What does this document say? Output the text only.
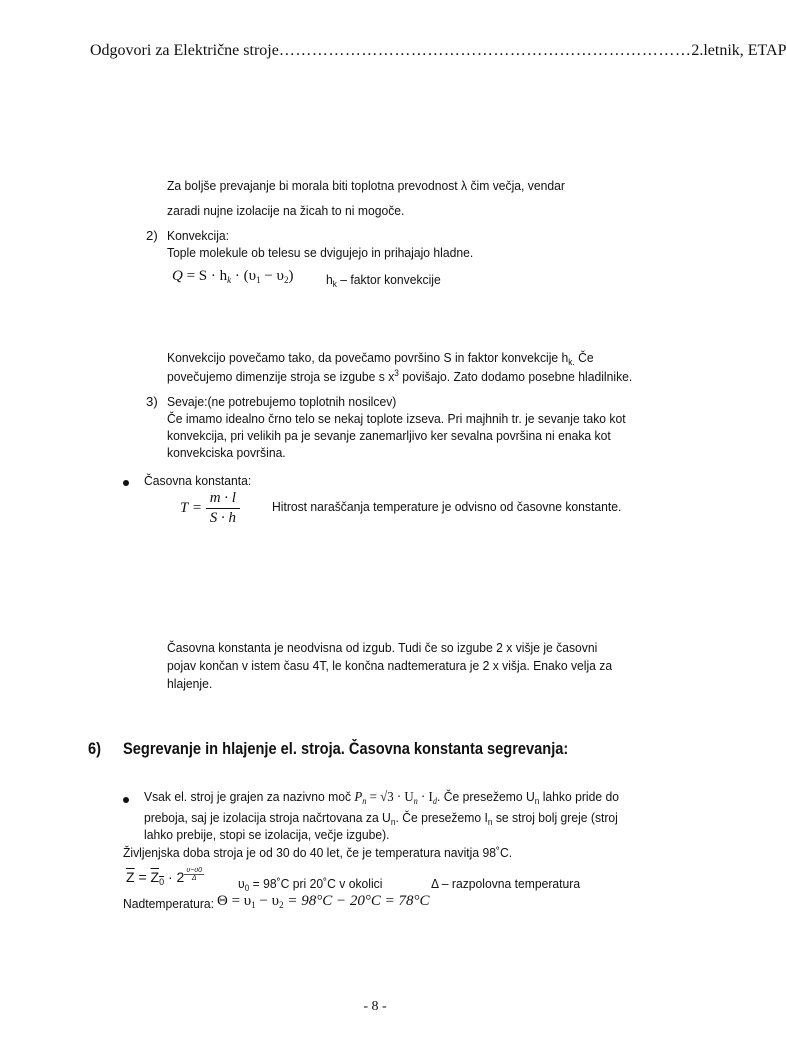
Odgovori za Električne stroje ………………………………………………………………… 2.letnik, ETAP
Za boljše prevajanje bi morala biti toplotna prevodnost λ čim večja, vendar
zaradi nujne izolacije na žicah to ni mogoče.
2) Konvekcija:
Tople molekule ob telesu se dvigujejo in prihajajo hladne.
$Q = S \cdot h_k \cdot (\upsilon_1 - \upsilon_2)$ $h_k$ – faktor konvekcije
Konvekcijo povečamo tako, da povečamo površino S in faktor konvekcije $h_{k.}$ Če
povečujemo dimenzije stroja se izgube s $x^3$ povišajo. Zato dodamo posebne hladilnike.
3) Sevaje:(ne potrebujemo toplotnih nosilcev)
Če imamo idealno črno telo se nekaj toplote izseva. Pri majhnih tr. je sevanje tako kot
konvekcija, pri velikih pa je sevanje zanemarljivo ker sevalna površina ni enaka kot
konvekciska površina.
Časovna konstanta:
$T = \frac{m \cdot l}{S \cdot h}$ Hitrost naraščanja temperature je odvisno od časovne konstante.
Časovna konstanta je neodvisna od izgub. Tudi če so izgube 2 x višje je časovni
pojav končan v istem času 4T, le končna nadtemeratura je 2 x višja. Enako velja za
hlajenje.
6) Segrevanje in hlajenje el. stroja. Časovna konstanta segrevanja:
Vsak el. stroj je grajen za nazivno moč $P_n = √3 \cdot U_n \cdot I_d$. Če presežemo $U_n$ lahko pride do
preboja, saj je izolacija stroja načrtovana za $U_n$. Če presežemo $I_n$ se stroj bolj greje (stroj
lahko prebije, stopi se izolacija, večje izgube).
Življenjska doba stroja je od 30 do 40 let, če je temperatura navitja 98˚C.
$\overline{Z} = Z_0 \cdot 2 \frac{\upsilon-\upsilon 0}{\Delta}$
$\upsilon_0$ = 98˚C pri 20˚C v okolici	Δ – razpolovna temperatura
Nadtemperatura: $\Theta = \upsilon_1 - \upsilon_2 = 98^\circ C - 20^\circ C = 78^\circ C$
- 8 -
